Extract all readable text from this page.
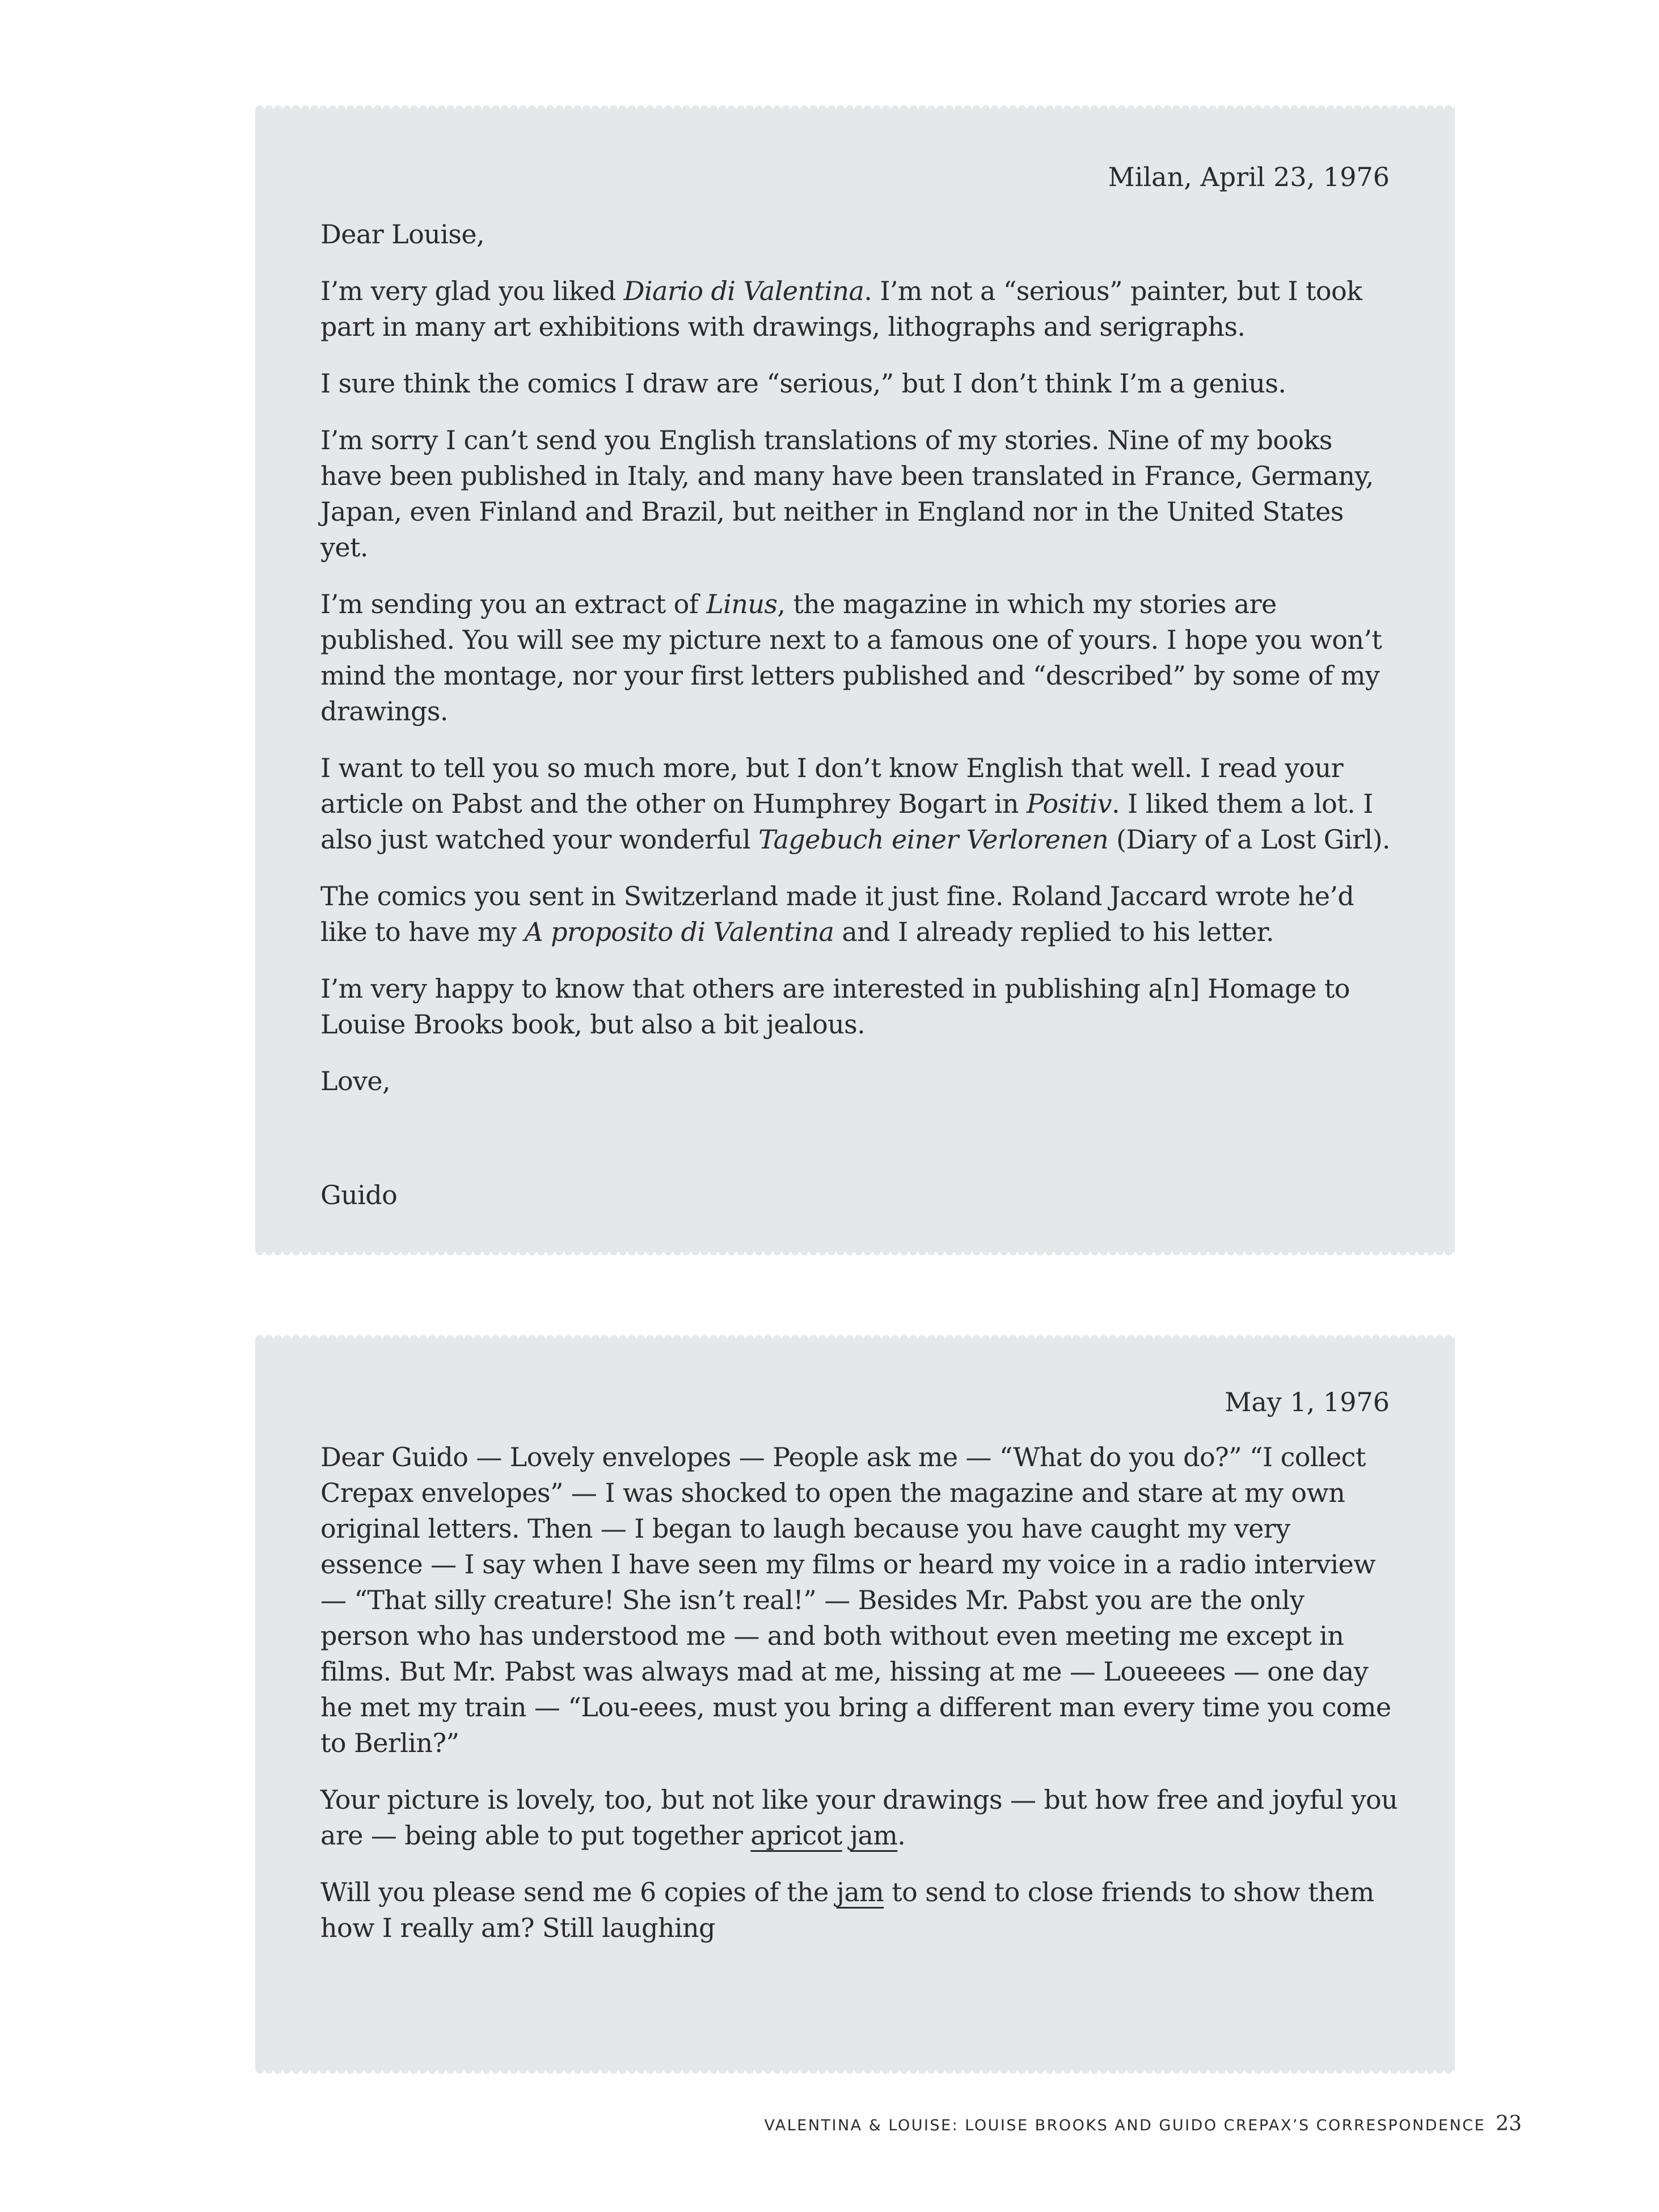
Milan, April 23, 1976

Dear Louise,

I’m very glad you liked Diario di Valentina. I’m not a “serious” painter, but I took part in many art exhibitions with drawings, lithographs and serigraphs.

I sure think the comics I draw are “serious,” but I don’t think I’m a genius.

I’m sorry I can’t send you English translations of my stories. Nine of my books have been published in Italy, and many have been translated in France, Germany, Japan, even Finland and Brazil, but neither in England nor in the United States yet.

I’m sending you an extract of Linus, the magazine in which my stories are published. You will see my picture next to a famous one of yours. I hope you won’t mind the montage, nor your first letters published and “described” by some of my drawings.

I want to tell you so much more, but I don’t know English that well. I read your article on Pabst and the other on Humphrey Bogart in Positiv. I liked them a lot. I also just watched your wonderful Tagebuch einer Verlorenen (Diary of a Lost Girl).

The comics you sent in Switzerland made it just fine. Roland Jaccard wrote he’d like to have my A proposito di Valentina and I already replied to his letter.

I’m very happy to know that others are interested in publishing a[n] Homage to Louise Brooks book, but also a bit jealous.

Love,

Guido

May 1, 1976

Dear Guido — Lovely envelopes — People ask me — “What do you do?” “I collect Crepax envelopes” — I was shocked to open the magazine and stare at my own original letters. Then — I began to laugh because you have caught my very essence — I say when I have seen my films or heard my voice in a radio interview — “That silly creature! She isn’t real!” — Besides Mr. Pabst you are the only person who has understood me — and both without even meeting me except in films. But Mr. Pabst was always mad at me, hissing at me — Loueeees — one day he met my train — “Lou-eees, must you bring a different man every time you come to Berlin?”

Your picture is lovely, too, but not like your drawings — but how free and joyful you are — being able to put together apricot jam.

Will you please send me 6 copies of the jam to send to close friends to show them how I really am? Still laughing

VALENTINA & LOUISE: LOUISE BROOKS AND GUIDO CREPAX’S CORRESPONDENCE 23
